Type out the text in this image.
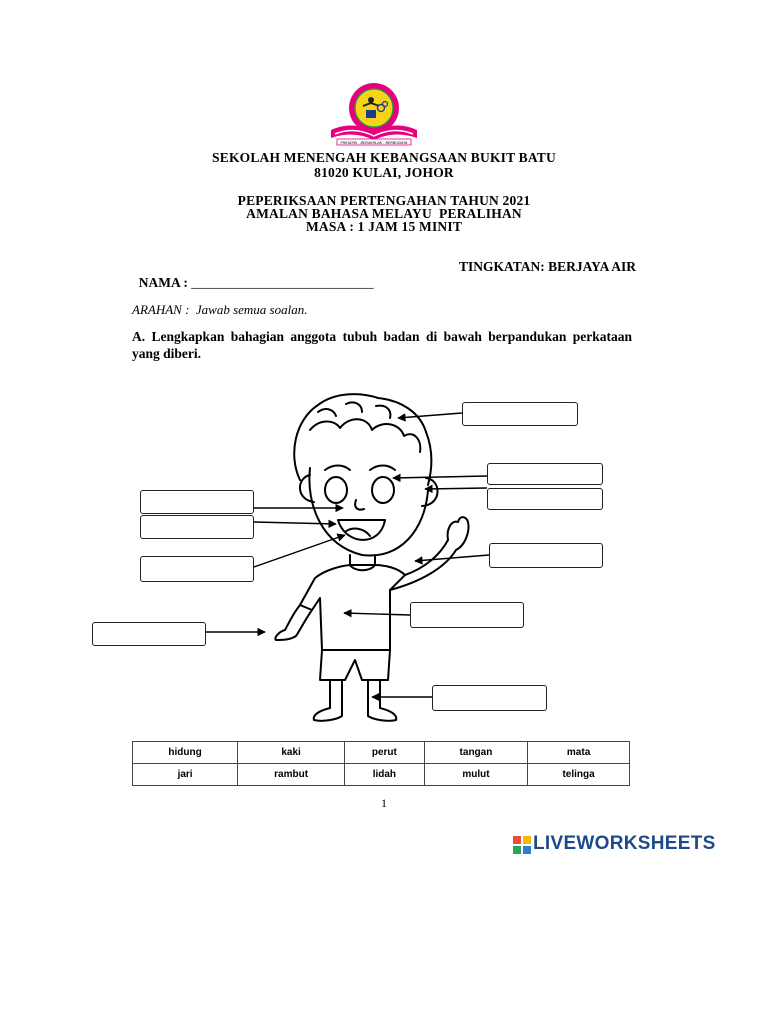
PRIHATIN . BERAKHLAK . BERBUDAYA
SEKOLAH MENENGAH KEBANGSAAN BUKIT BATU
81020 KULAI, JOHOR
PEPERIKSAAN PERTENGAHAN TAHUN 2021
AMALAN BAHASA MELAYU  PERALIHAN
MASA : 1 JAM 15 MINIT

NAMA : ___________________________

TINGKATAN: BERJAYA AIR
ARAHAN :  Jawab semua soalan.
A. Lengkapkan bahagian anggota tubuh badan di bawah berpandukan perkataan yang diberi.
hidung	kaki	perut	tangan	mata
jari	rambut	lidah	mulut	telinga
1
LIVEWORKSHEETS
